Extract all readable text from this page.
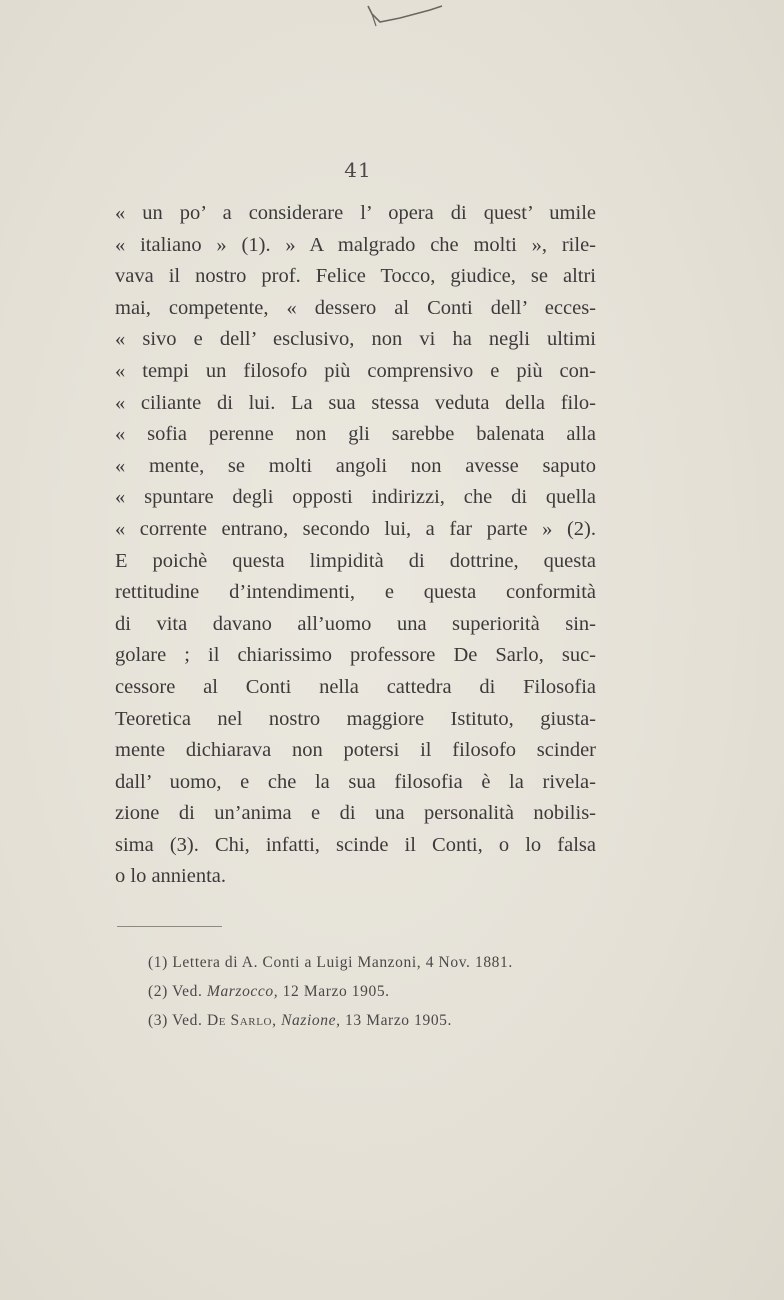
41
« un po’ a considerare l’ opera di quest’ umile
« italiano » (1). » A malgrado che molti », rile-
vava il nostro prof. Felice Tocco, giudice, se altri
mai, competente, « dessero al Conti dell’ ecces-
« sivo e dell’ esclusivo, non vi ha negli ultimi
« tempi un filosofo più comprensivo e più con-
« ciliante di lui. La sua stessa veduta della filo-
« sofia perenne non gli sarebbe balenata alla
« mente, se molti angoli non avesse saputo
« spuntare degli opposti indirizzi, che di quella
« corrente entrano, secondo lui, a far parte » (2).
E poichè questa limpidità di dottrine, questa
rettitudine d’intendimenti, e questa conformità
di vita davano all’uomo una superiorità sin-
golare ; il chiarissimo professore De Sarlo, suc-
cessore al Conti nella cattedra di Filosofia
Teoretica nel nostro maggiore Istituto, giusta-
mente dichiarava non potersi il filosofo scinder
dall’ uomo, e che la sua filosofia è la rivela-
zione di un’anima e di una personalità nobilis-
sima (3). Chi, infatti, scinde il Conti, o lo falsa
o lo annienta.
(1) Lettera di A. Conti a Luigi Manzoni, 4 Nov. 1881.
(2) Ved. Marzocco, 12 Marzo 1905.
(3) Ved. De Sarlo, Nazione, 13 Marzo 1905.
